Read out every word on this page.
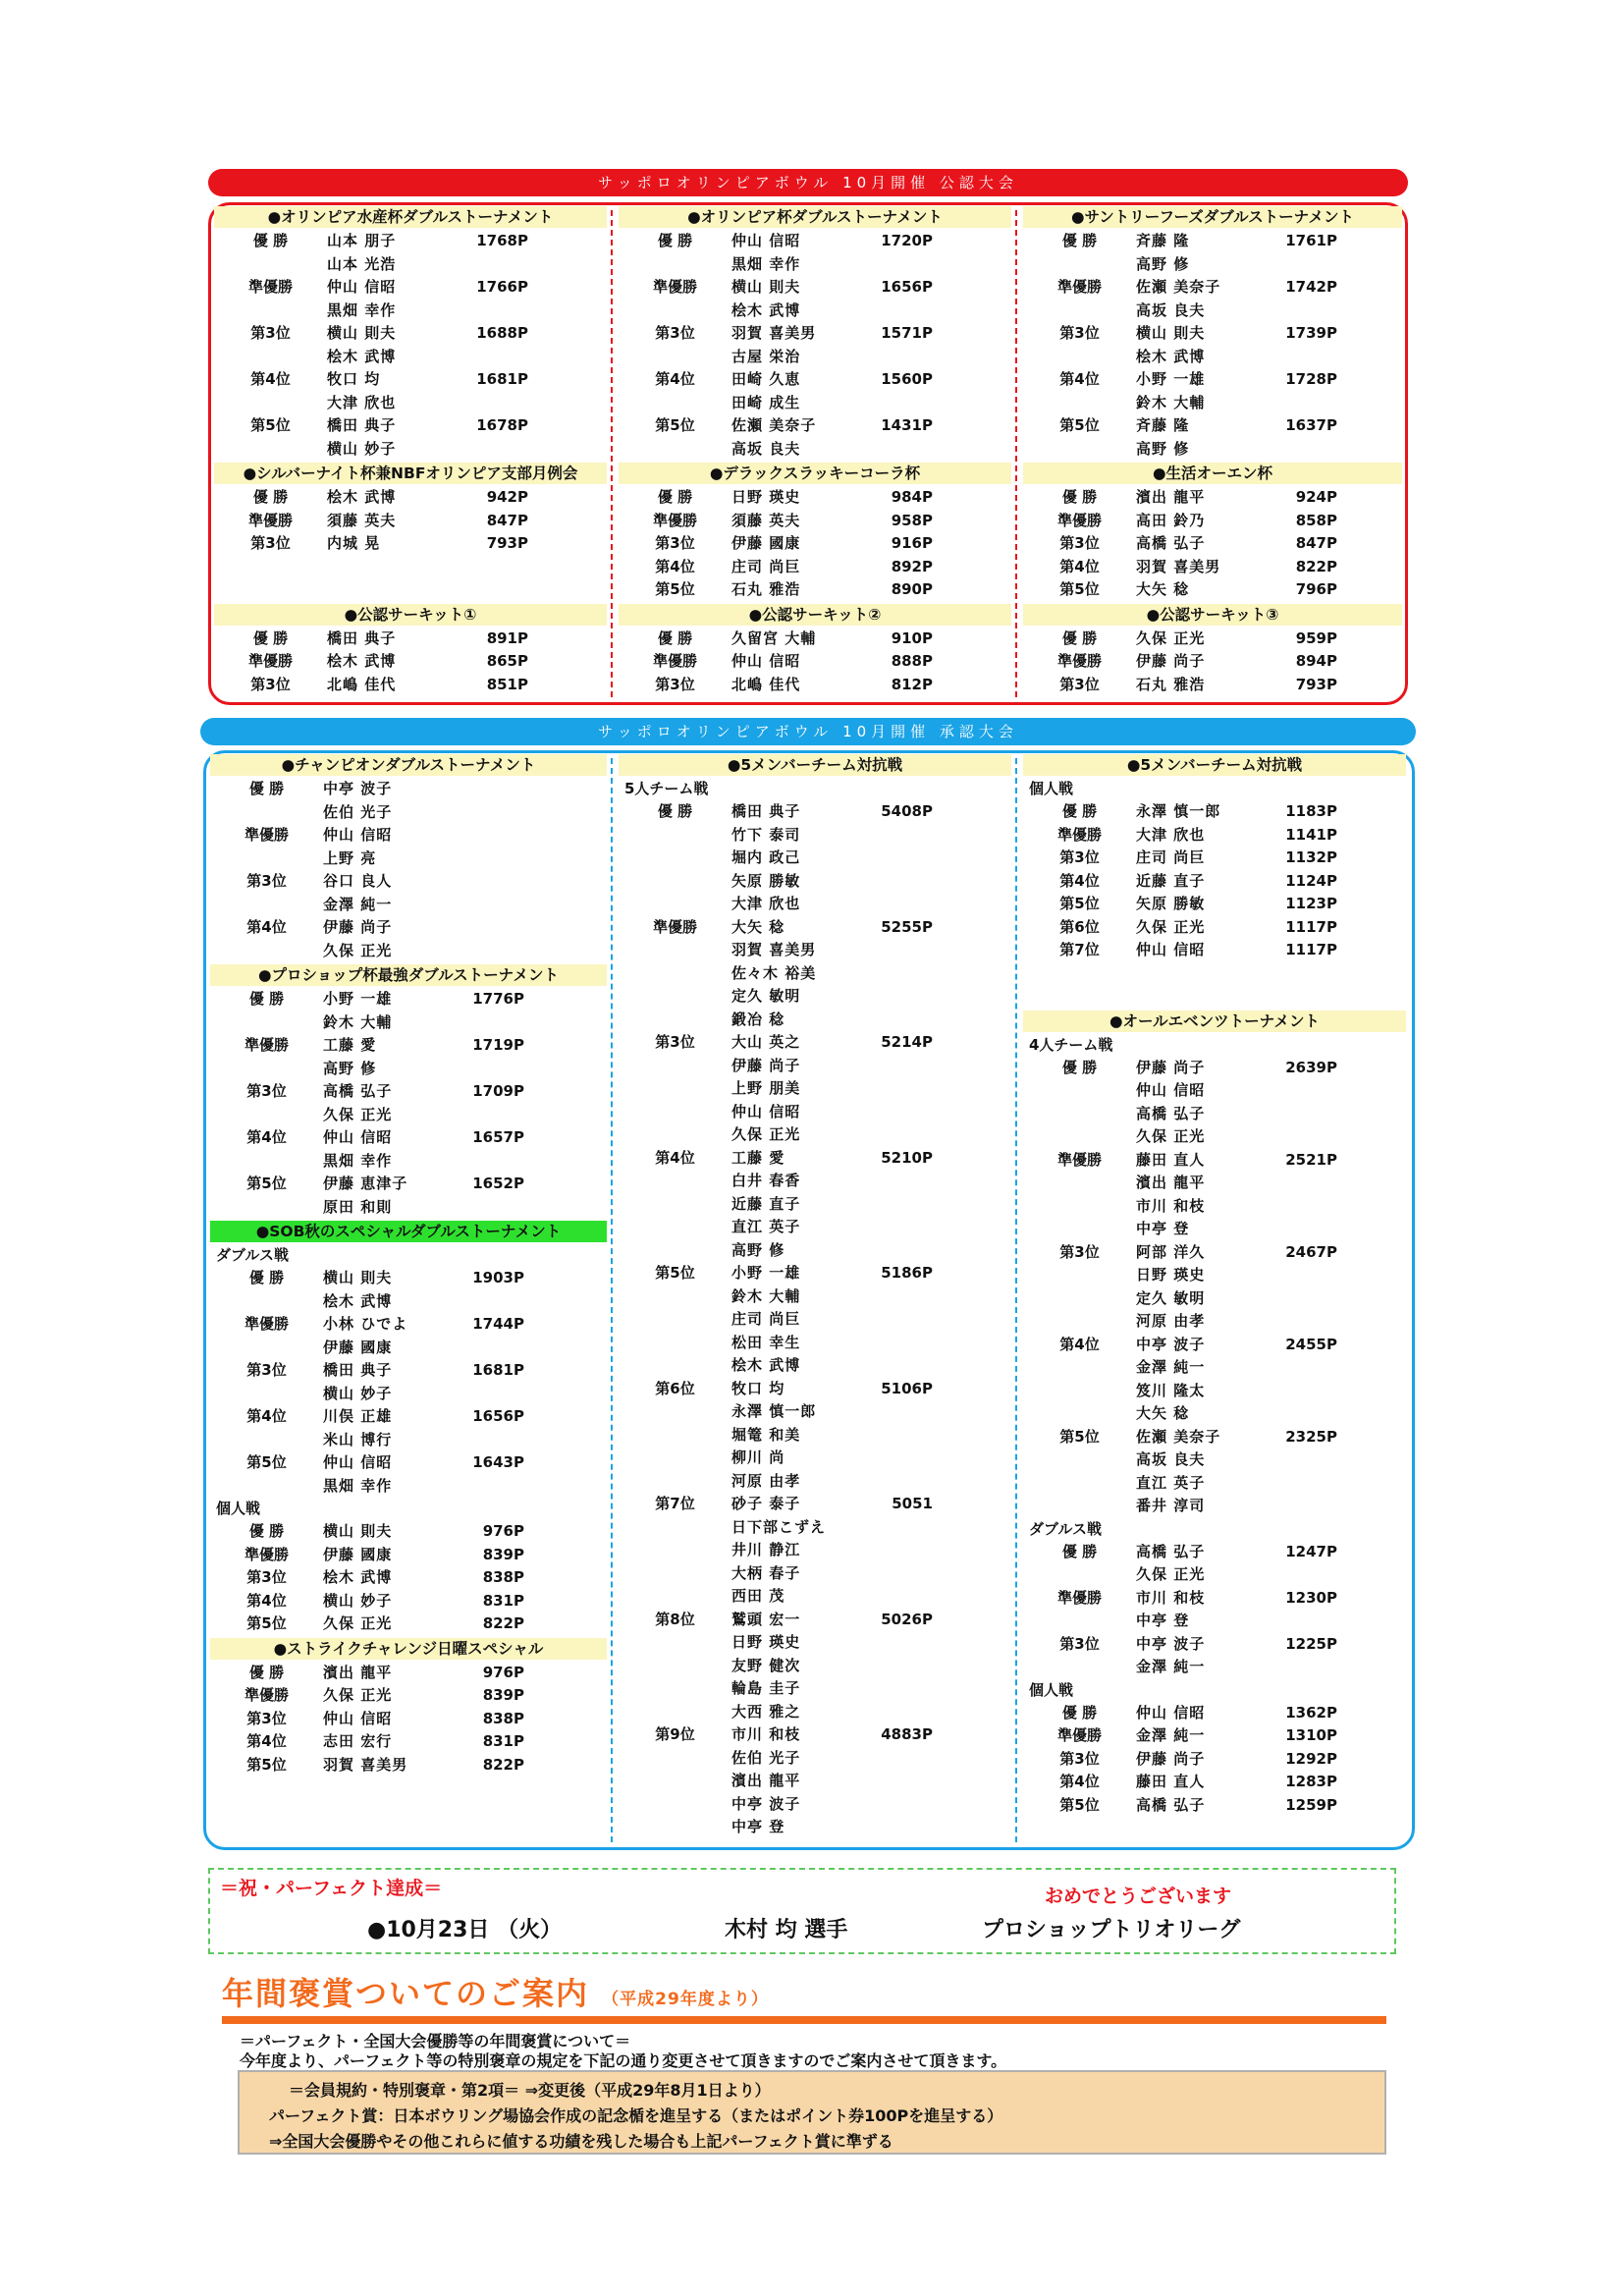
サッポロオリンピアボウル 10月開催 公認大会
●オリンピア水産杯ダブルストーナメント
優 勝	山本 朋子	1768P
山本 光浩
準優勝	仲山 信昭	1766P
黒畑 幸作
第3位	横山 則夫	1688P
桧木 武博
第4位	牧口 均	1681P
大津 欣也
第5位	橋田 典子	1678P
横山 妙子
●シルバーナイト杯兼NBFオリンピア支部月例会
優 勝	桧木 武博	942P
準優勝	須藤 英夫	847P
第3位	内城 晃	793P
●公認サーキット①
優 勝	橋田 典子	891P
準優勝	桧木 武博	865P
第3位	北嶋 佳代	851P
●オリンピア杯ダブルストーナメント
優 勝	仲山 信昭	1720P
黒畑 幸作
準優勝	横山 則夫	1656P
桧木 武博
第3位	羽賀 喜美男	1571P
古屋 栄治
第4位	田崎 久恵	1560P
田崎 成生
第5位	佐瀬 美奈子	1431P
高坂 良夫
●デラックスラッキーコーラ杯
優 勝	日野 瑛史	984P
準優勝	須藤 英夫	958P
第3位	伊藤 國康	916P
第4位	庄司 尚巨	892P
第5位	石丸 雅浩	890P
●公認サーキット②
優 勝	久留宮 大輔	910P
準優勝	仲山 信昭	888P
第3位	北嶋 佳代	812P
●サントリーフーズダブルストーナメント
優 勝	斉藤 隆	1761P
高野 修
準優勝	佐瀬 美奈子	1742P
高坂 良夫
第3位	横山 則夫	1739P
桧木 武博
第4位	小野 一雄	1728P
鈴木 大輔
第5位	斉藤 隆	1637P
高野 修
●生活オーエン杯
優 勝	濱出 龍平	924P
準優勝	高田 鈴乃	858P
第3位	高橋 弘子	847P
第4位	羽賀 喜美男	822P
第5位	大矢 稔	796P
●公認サーキット③
優 勝	久保 正光	959P
準優勝	伊藤 尚子	894P
第3位	石丸 雅浩	793P
サッポロオリンピアボウル 10月開催 承認大会
●チャンピオンダブルストーナメント
優 勝	中亭 波子
佐伯 光子
準優勝	仲山 信昭
上野 亮
第3位	谷口 良人
金澤 純一
第4位	伊藤 尚子
久保 正光
●プロショップ杯最強ダブルストーナメント
優 勝	小野 一雄	1776P
鈴木 大輔
準優勝	工藤 愛	1719P
高野 修
第3位	高橋 弘子	1709P
久保 正光
第4位	仲山 信昭	1657P
黒畑 幸作
第5位	伊藤 恵津子	1652P
原田 和則
●SOB秋のスペシャルダブルストーナメント
ダブルス戦
優 勝	横山 則夫	1903P
桧木 武博
準優勝	小林 ひでよ	1744P
伊藤 國康
第3位	橋田 典子	1681P
横山 妙子
第4位	川俣 正雄	1656P
米山 博行
第5位	仲山 信昭	1643P
黒畑 幸作
個人戦
優 勝	横山 則夫	976P
準優勝	伊藤 國康	839P
第3位	桧木 武博	838P
第4位	横山 妙子	831P
第5位	久保 正光	822P
●ストライクチャレンジ日曜スペシャル
優 勝	濱出 龍平	976P
準優勝	久保 正光	839P
第3位	仲山 信昭	838P
第4位	志田 宏行	831P
第5位	羽賀 喜美男	822P
●5メンバーチーム対抗戦
5人チーム戦
優 勝	橋田 典子	5408P
竹下 泰司
堀内 政己
矢原 勝敏
大津 欣也
準優勝	大矢 稔	5255P
羽賀 喜美男
佐々木 裕美
定久 敏明
鍛冶 稔
第3位	大山 英之	5214P
伊藤 尚子
上野 朋美
仲山 信昭
久保 正光
第4位	工藤 愛	5210P
白井 春香
近藤 直子
直江 英子
高野 修
第5位	小野 一雄	5186P
鈴木 大輔
庄司 尚巨
松田 幸生
桧木 武博
第6位	牧口 均	5106P
永澤 慎一郎
堀篭 和美
柳川 尚
河原 由孝
第7位	砂子 泰子	5051
日下部こずえ
井川 静江
大柄 春子
西田 茂
第8位	鷲頭 宏一	5026P
日野 瑛史
友野 健次
輪島 圭子
大西 雅之
第9位	市川 和枝	4883P
佐伯 光子
濱出 龍平
中亭 波子
中亭 登
●5メンバーチーム対抗戦
個人戦
優 勝	永澤 慎一郎	1183P
準優勝	大津 欣也	1141P
第3位	庄司 尚巨	1132P
第4位	近藤 直子	1124P
第5位	矢原 勝敏	1123P
第6位	久保 正光	1117P
第7位	仲山 信昭	1117P
●オールエベンツトーナメント
4人チーム戦
優 勝	伊藤 尚子	2639P
仲山 信昭
高橋 弘子
久保 正光
準優勝	藤田 直人	2521P
濱出 龍平
市川 和枝
中亭 登
第3位	阿部 洋久	2467P
日野 瑛史
定久 敏明
河原 由孝
第4位	中亭 波子	2455P
金澤 純一
笈川 隆太
大矢 稔
第5位	佐瀬 美奈子	2325P
高坂 良夫
直江 英子
番井 淳司
ダブルス戦
優 勝	高橋 弘子	1247P
久保 正光
準優勝	市川 和枝	1230P
中亭 登
第3位	中亭 波子	1225P
金澤 純一
個人戦
優 勝	仲山 信昭	1362P
準優勝	金澤 純一	1310P
第3位	伊藤 尚子	1292P
第4位	藤田 直人	1283P
第5位	高橋 弘子	1259P
＝祝・パーフェクト達成＝	おめでとうございます
●10月23日 （火）	木村 均 選手	プロショップトリオリーグ
年間褒賞ついてのご案内 （平成29年度より）
＝パーフェクト・全国大会優勝等の年間褒賞について＝
今年度より、パーフェクト等の特別褒章の規定を下記の通り変更させて頂きますのでご案内させて頂きます。
＝会員規約・特別褒章・第2項＝ ⇒変更後（平成29年8月1日より）
パーフェクト賞：日本ボウリング場協会作成の記念楯を進呈する（またはポイント券100Pを進呈する）
⇒全国大会優勝やその他これらに値する功績を残した場合も上記パーフェクト賞に準ずる
